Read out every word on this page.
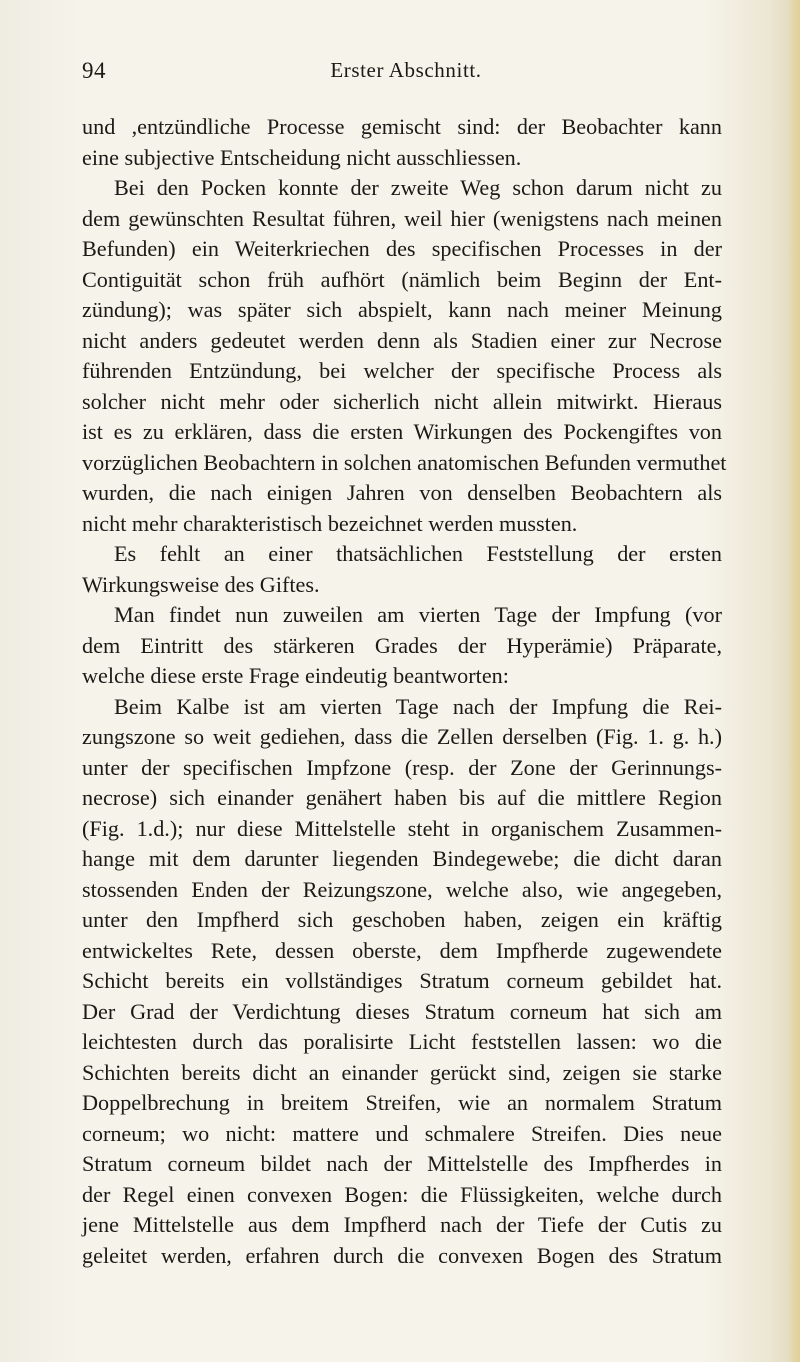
94	Erster Abschnitt.
und ,entzündliche Processe gemischt sind: der Beobachter kann
eine subjective Entscheidung nicht ausschliessen.
Bei den Pocken konnte der zweite Weg schon darum nicht zu
dem gewünschten Resultat führen, weil hier (wenigstens nach meinen
Befunden) ein Weiterkriechen des specifischen Processes in der
Contiguität schon früh aufhört (nämlich beim Beginn der Ent-
zündung); was später sich abspielt, kann nach meiner Meinung
nicht anders gedeutet werden denn als Stadien einer zur Necrose
führenden Entzündung, bei welcher der specifische Process als
solcher nicht mehr oder sicherlich nicht allein mitwirkt. Hieraus
ist es zu erklären, dass die ersten Wirkungen des Pockengiftes von
vorzüglichen Beobachtern in solchen anatomischen Befunden vermuthet
wurden, die nach einigen Jahren von denselben Beobachtern als
nicht mehr charakteristisch bezeichnet werden mussten.
Es fehlt an einer thatsächlichen Feststellung der ersten
Wirkungsweise des Giftes.
Man findet nun zuweilen am vierten Tage der Impfung (vor
dem Eintritt des stärkeren Grades der Hyperämie) Präparate,
welche diese erste Frage eindeutig beantworten:
Beim Kalbe ist am vierten Tage nach der Impfung die Rei-
zungszone so weit gediehen, dass die Zellen derselben (Fig. 1. g. h.)
unter der specifischen Impfzone (resp. der Zone der Gerinnungs-
necrose) sich einander genähert haben bis auf die mittlere Region
(Fig. 1.d.); nur diese Mittelstelle steht in organischem Zusammen-
hange mit dem darunter liegenden Bindegewebe; die dicht daran
stossenden Enden der Reizungszone, welche also, wie angegeben,
unter den Impfherd sich geschoben haben, zeigen ein kräftig
entwickeltes Rete, dessen oberste, dem Impfherde zugewendete
Schicht bereits ein vollständiges Stratum corneum gebildet hat.
Der Grad der Verdichtung dieses Stratum corneum hat sich am
leichtesten durch das poralisirte Licht feststellen lassen: wo die
Schichten bereits dicht an einander gerückt sind, zeigen sie starke
Doppelbrechung in breitem Streifen, wie an normalem Stratum
corneum; wo nicht: mattere und schmalere Streifen. Dies neue
Stratum corneum bildet nach der Mittelstelle des Impfherdes in
der Regel einen convexen Bogen: die Flüssigkeiten, welche durch
jene Mittelstelle aus dem Impfherd nach der Tiefe der Cutis zu
geleitet werden, erfahren durch die convexen Bogen des Stratum
